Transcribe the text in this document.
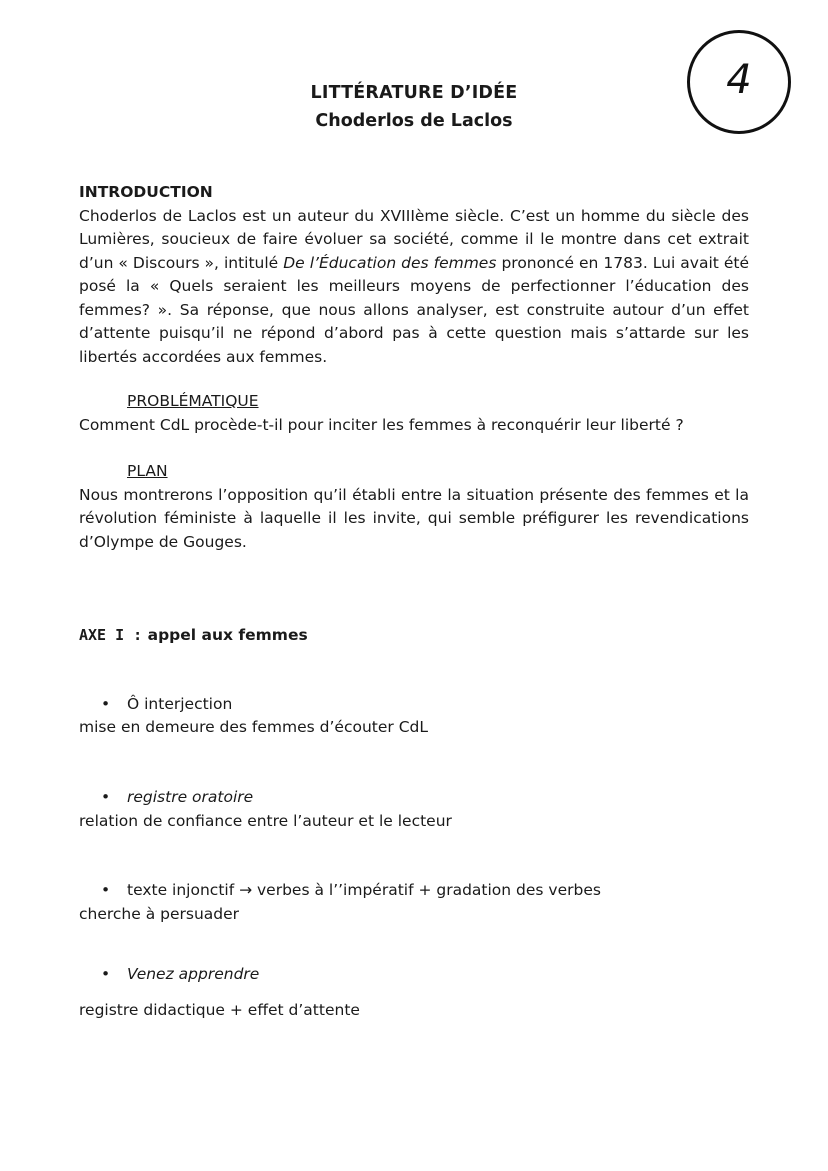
4

LITTÉRATURE D’IDÉE

Choderlos de Laclos

INTRODUCTION
Choderlos de Laclos est un auteur du XVIIIème siècle. C’est un homme du siècle des Lumières, soucieux de faire évoluer sa société, comme il le montre dans cet extrait d’un « Discours », intitulé De l’Éducation des femmes prononcé en 1783. Lui avait été posé la « Quels seraient les meilleurs moyens de perfectionner l’éducation des femmes? ». Sa réponse, que nous allons analyser, est construite autour d’un effet d’attente puisqu’il ne répond d’abord pas à cette question mais s’attarde sur les libertés accordées aux femmes.
PROBLÉMATIQUE
Comment CdL procède-t-il pour inciter les femmes à reconquérir leur liberté ?
PLAN
Nous montrerons l’opposition qu’il établi entre la situation présente des femmes et la révolution féministe à laquelle il les invite, qui semble préfigurer les revendications d’Olympe de Gouges.
AXE I : appel aux femmes
• Ô interjection
mise en demeure des femmes d’écouter CdL
• registre oratoire
relation de confiance entre l’auteur et le lecteur
• texte injonctif → verbes à l’’impératif + gradation des verbes
cherche à persuader
• Venez apprendre
registre didactique + effet d’attente
